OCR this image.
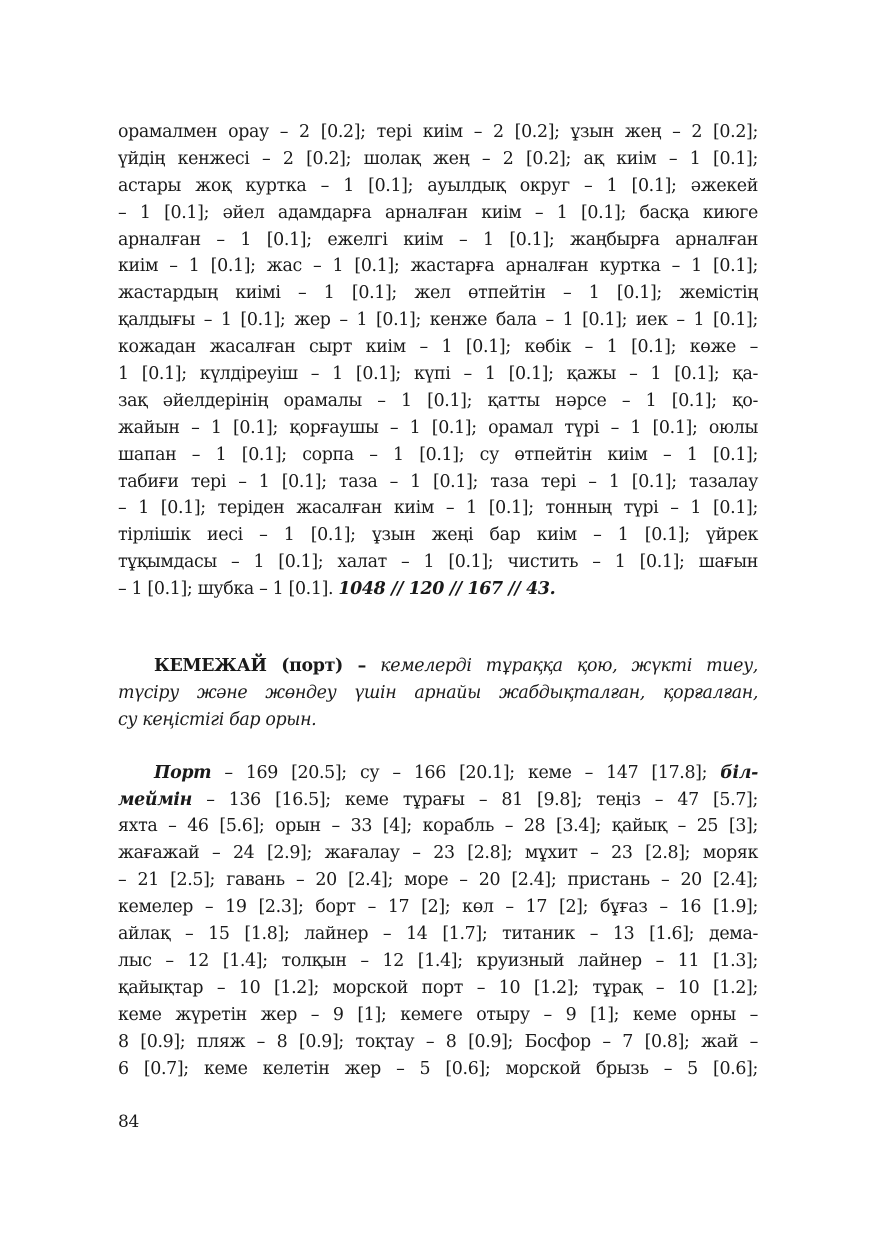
орамалмен орау – 2 [0.2]; тері киім – 2 [0.2]; ұзын жең – 2 [0.2];
үйдің кенжесі – 2 [0.2]; шолақ жең – 2 [0.2]; ақ киім – 1 [0.1];
астары жоқ куртка – 1 [0.1]; ауылдық округ – 1 [0.1]; әжекей
– 1 [0.1]; әйел адамдарға арналған киім – 1 [0.1]; басқа киюге
арналған – 1 [0.1]; ежелгі киім – 1 [0.1]; жаңбырға арналған
киім – 1 [0.1]; жас – 1 [0.1]; жастарға арналған куртка – 1 [0.1];
жастардың киімі – 1 [0.1]; жел өтпейтін – 1 [0.1]; жемістің
қалдығы – 1 [0.1]; жер – 1 [0.1]; кенже бала – 1 [0.1]; иек – 1 [0.1];
кожадан жасалған сырт киім – 1 [0.1]; көбік – 1 [0.1]; көже –
1 [0.1]; күлдіреуіш – 1 [0.1]; күпі – 1 [0.1]; қажы – 1 [0.1]; қа-
зақ әйелдерінің орамалы – 1 [0.1]; қатты нәрсе – 1 [0.1]; қо-
жайын – 1 [0.1]; қорғаушы – 1 [0.1]; орамал түрі – 1 [0.1]; оюлы
шапан – 1 [0.1]; сорпа – 1 [0.1]; су өтпейтін киім – 1 [0.1];
табиғи тері – 1 [0.1]; таза – 1 [0.1]; таза тері – 1 [0.1]; тазалау
– 1 [0.1]; теріден жасалған киім – 1 [0.1]; тонның түрі – 1 [0.1];
тірлішік иесі – 1 [0.1]; ұзын жеңі бар киім – 1 [0.1]; үйрек
тұқымдасы – 1 [0.1]; халат – 1 [0.1]; чистить – 1 [0.1]; шағын
– 1 [0.1]; шубка – 1 [0.1]. 1048 // 120 // 167 // 43.
КЕМЕЖАЙ (порт) – кемелерді тұраққа қою, жүкті тиеу,
түсіру және жөндеу үшін арнайы жабдықталған, қорғалған,
су кеңістігі бар орын.
Порт – 169 [20.5]; су – 166 [20.1]; кеме – 147 [17.8]; біл-
меймін – 136 [16.5]; кеме тұрағы – 81 [9.8]; теңіз – 47 [5.7];
яхта – 46 [5.6]; орын – 33 [4]; корабль – 28 [3.4]; қайық – 25 [3];
жағажай – 24 [2.9]; жағалау – 23 [2.8]; мұхит – 23 [2.8]; моряк
– 21 [2.5]; гавань – 20 [2.4]; море – 20 [2.4]; пристань – 20 [2.4];
кемелер – 19 [2.3]; борт – 17 [2]; көл – 17 [2]; бұғаз – 16 [1.9];
айлақ – 15 [1.8]; лайнер – 14 [1.7]; титаник – 13 [1.6]; дема-
лыс – 12 [1.4]; толқын – 12 [1.4]; круизный лайнер – 11 [1.3];
қайықтар – 10 [1.2]; морской порт – 10 [1.2]; тұрақ – 10 [1.2];
кеме жүретін жер – 9 [1]; кемеге отыру – 9 [1]; кеме орны –
8 [0.9]; пляж – 8 [0.9]; тоқтау – 8 [0.9]; Босфор – 7 [0.8]; жай –
6 [0.7]; кеме келетін жер – 5 [0.6]; морской брызь – 5 [0.6];
84
